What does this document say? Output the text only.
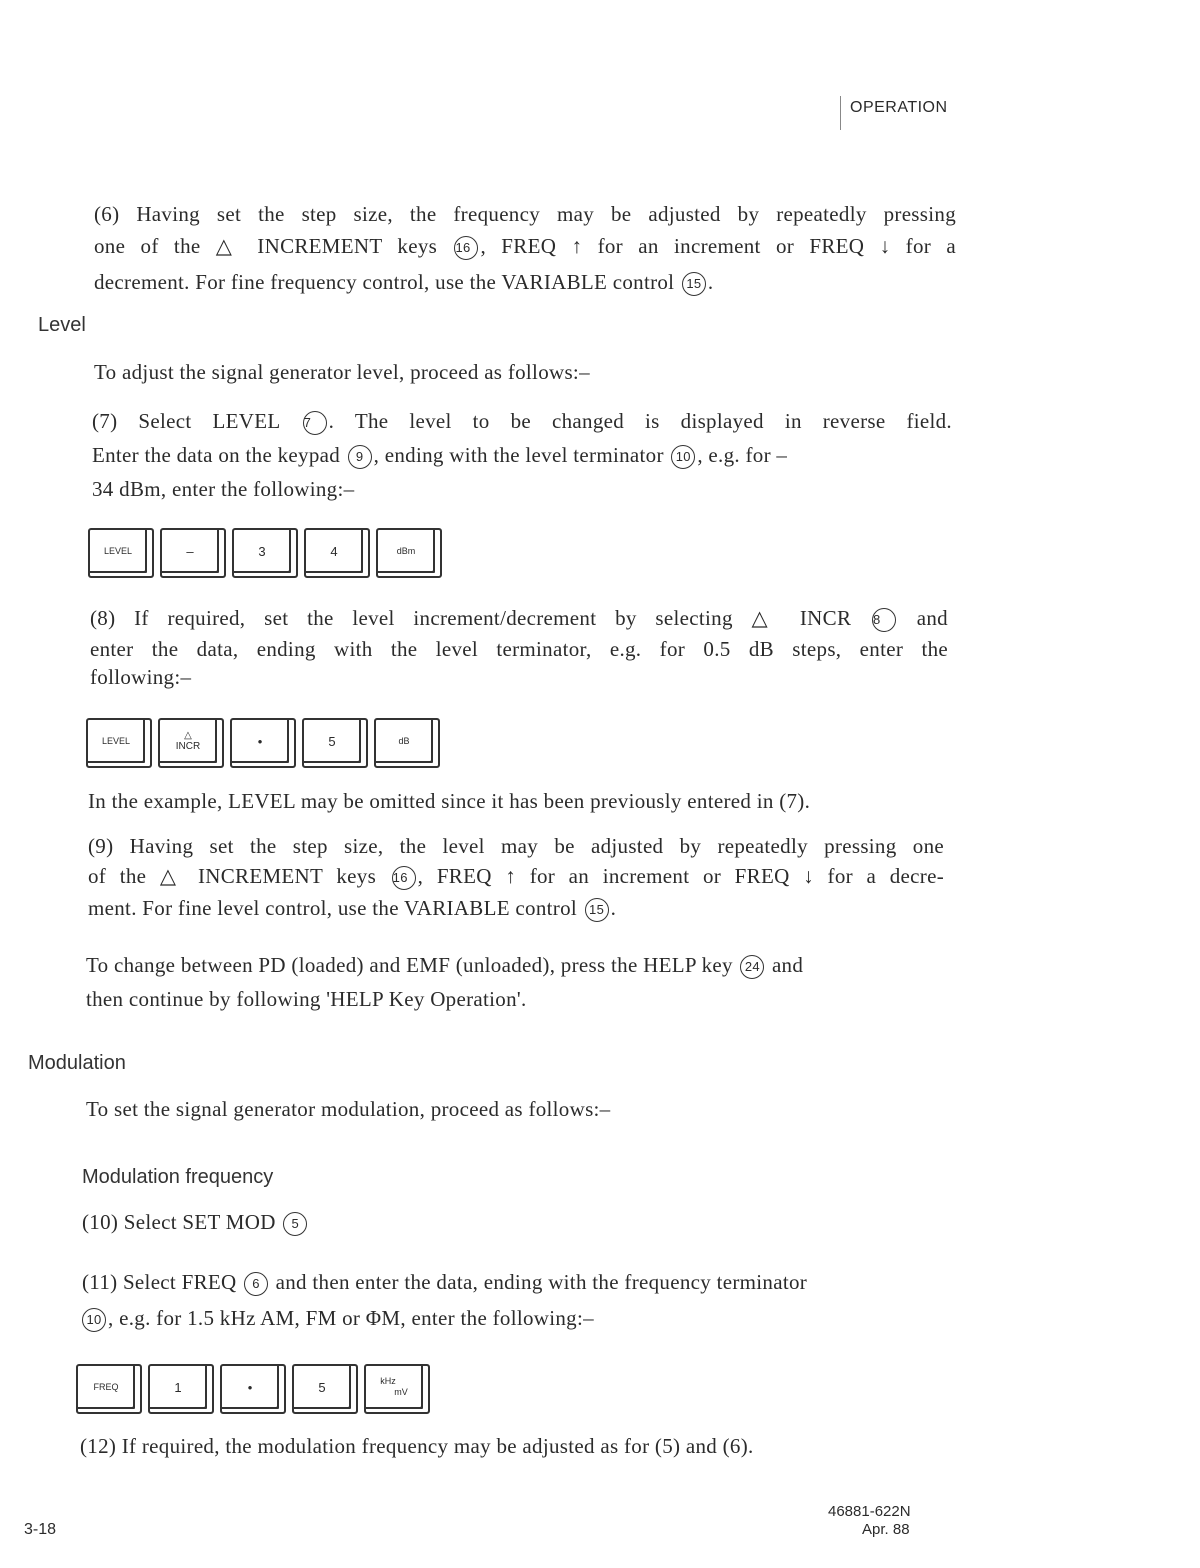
OPERATION
(6) Having set the step size, the frequency may be adjusted by repeatedly pressing
one of the △ INCREMENT keys 16 , FREQ ↑ for an increment or FREQ ↓ for a
decrement. For fine frequency control, use the VARIABLE control 15 .
Level
To adjust the signal generator level, proceed as follows:–
(7) Select LEVEL 7 . The level to be changed is displayed in reverse field.
Enter the data on the keypad 9 , ending with the level terminator 10 , e.g. for –
34 dBm, enter the following:–
LEVEL	–	3	4	dBm
(8) If required, set the level increment/decrement by selecting △ INCR 8 and
enter the data, ending with the level terminator, e.g. for 0.5 dB steps, enter the
following:–
LEVEL	△
INCR	•	5	dB
In the example, LEVEL may be omitted since it has been previously entered in (7).
(9) Having set the step size, the level may be adjusted by repeatedly pressing one
of the △ INCREMENT keys 16 , FREQ ↑ for an increment or FREQ ↓ for a decre-
ment. For fine level control, use the VARIABLE control 15 .
To change between PD (loaded) and EMF (unloaded), press the HELP key 24 and
then continue by following 'HELP Key Operation'.
Modulation
To set the signal generator modulation, proceed as follows:–
Modulation frequency
(10) Select SET MOD 5
(11) Select FREQ 6 and then enter the data, ending with the frequency terminator
10 , e.g. for 1.5 kHz AM, FM or ΦM, enter the following:–
FREQ	1	•	5	kHz
mV
(12) If required, the modulation frequency may be adjusted as for (5) and (6).
3-18
46881-622N
Apr. 88
